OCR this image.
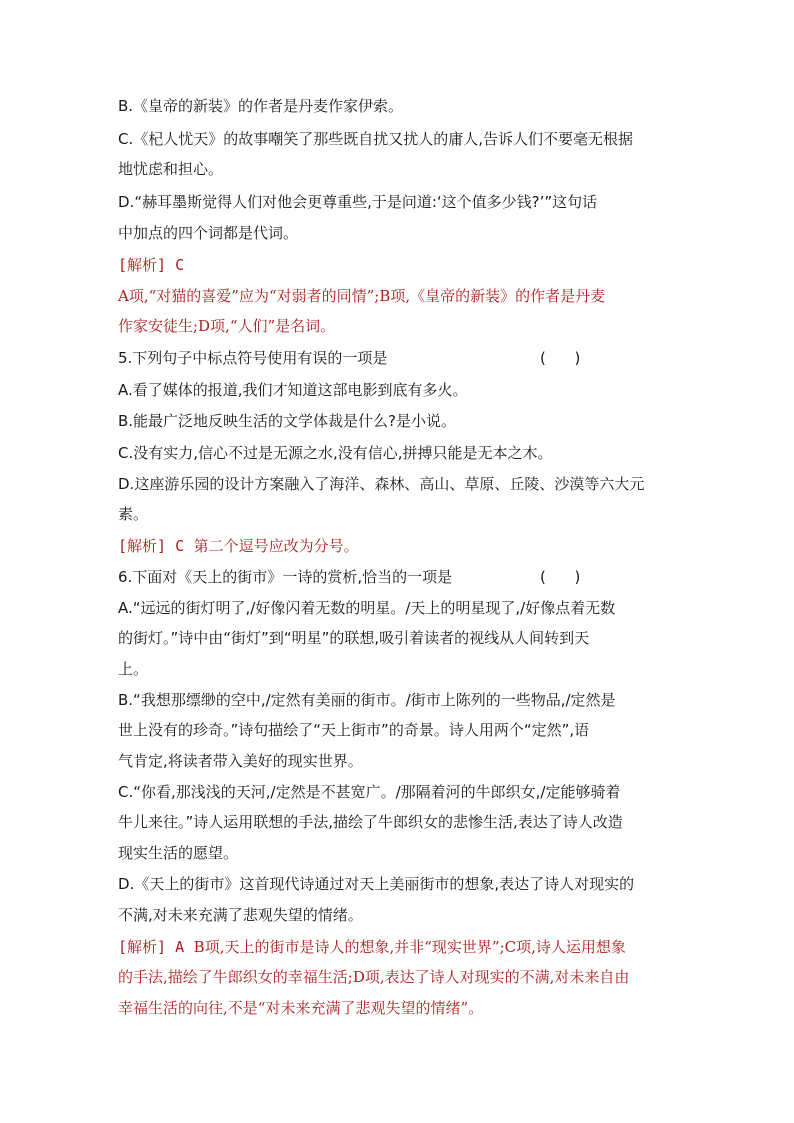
B.《皇帝的新装》的作者是丹麦作家伊索。
C.《杞人忧天》的故事嘲笑了那些既自扰又扰人的庸人,告诉人们不要毫无根据
地忧虑和担心。
D.“赫耳墨斯觉得人们对他会更尊重些,于是问道:‘这个值多少钱?’”这句话
中加点的四个词都是代词。
[解析] C
A项,“对猫的喜爱”应为“对弱者的同情”;B项,《皇帝的新装》的作者是丹麦
作家安徒生;D项,“人们”是名词。
5.下列句子中标点符号使用有误的一项是	(      )
A.看了媒体的报道,我们才知道这部电影到底有多火。
B.能最广泛地反映生活的文学体裁是什么?是小说。
C.没有实力,信心不过是无源之水,没有信心,拼搏只能是无本之木。
D.这座游乐园的设计方案融入了海洋、森林、高山、草原、丘陵、沙漠等六大元
素。
[解析] C 第二个逗号应改为分号。
6.下面对《天上的街市》一诗的赏析,恰当的一项是	(      )
A.“远远的街灯明了,/好像闪着无数的明星。/天上的明星现了,/好像点着无数
的街灯。”诗中由“街灯”到“明星”的联想,吸引着读者的视线从人间转到天
上。
B.“我想那缥缈的空中,/定然有美丽的街市。/街市上陈列的一些物品,/定然是
世上没有的珍奇。”诗句描绘了“天上街市”的奇景。诗人用两个“定然”,语
气肯定,将读者带入美好的现实世界。
C.“你看,那浅浅的天河,/定然是不甚宽广。/那隔着河的牛郎织女,/定能够骑着
牛儿来往。”诗人运用联想的手法,描绘了牛郎织女的悲惨生活,表达了诗人改造
现实生活的愿望。
D.《天上的街市》这首现代诗通过对天上美丽街市的想象,表达了诗人对现实的
不满,对未来充满了悲观失望的情绪。
[解析] A B项,天上的街市是诗人的想象,并非“现实世界”;C项,诗人运用想象
的手法,描绘了牛郎织女的幸福生活;D项,表达了诗人对现实的不满,对未来自由
幸福生活的向往,不是“对未来充满了悲观失望的情绪”。
